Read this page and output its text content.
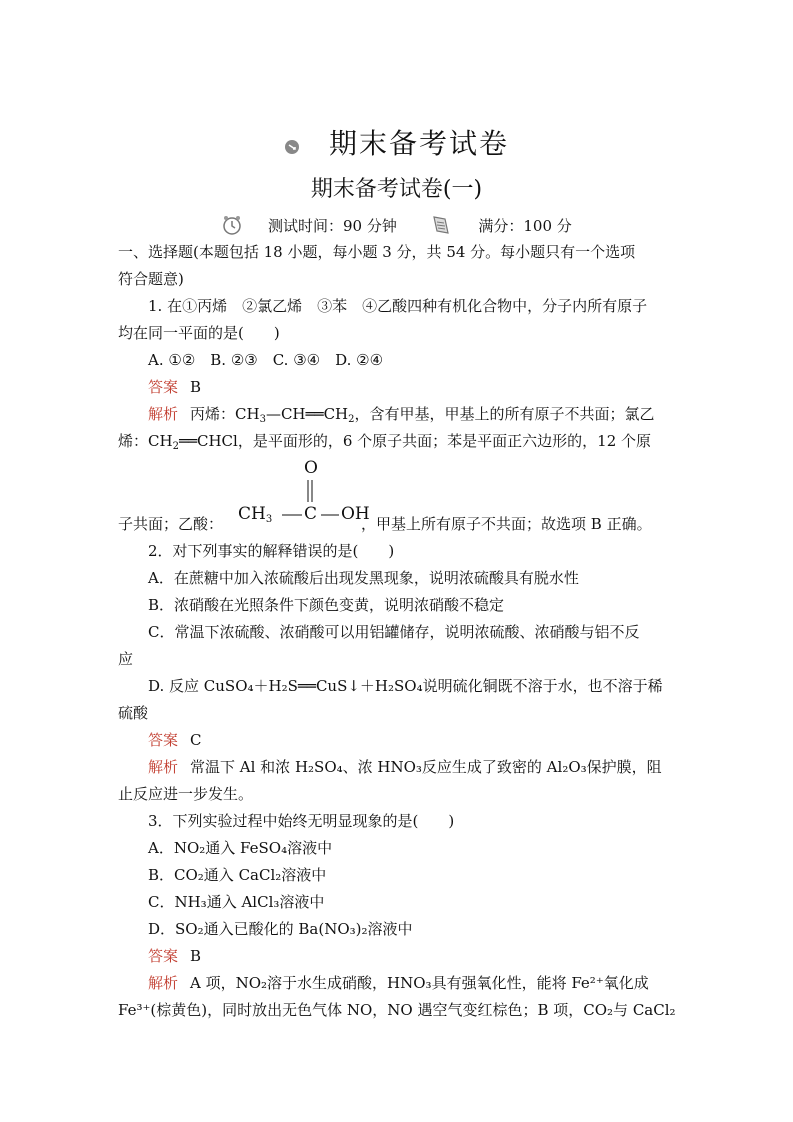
期末备考试卷
期末备考试卷(一)
测试时间：90 分钟	满分：100 分
一、选择题(本题包括 18 小题，每小题 3 分，共 54 分。每小题只有一个选项
符合题意)
1. 在①丙烯　②氯乙烯　③苯　④乙酸四种有机化合物中，分子内所有原子
均在同一平面的是(　　)
A. ①②　B. ②③　C. ③④　D. ②④
答案 B
解析 丙烯：$CH_3—CH══CH_2$，含有甲基，甲基上的所有原子不共面；氯乙
烯：$CH_2══CHCl$，是平面形的，6 个原子共面；苯是平面正六边形的，12 个原
O
$CH_3$ C OH
子共面；乙酸：	，甲基上所有原子不共面；故选项 B 正确。
2．对下列事实的解释错误的是(　　)
A．在蔗糖中加入浓硫酸后出现发黑现象，说明浓硫酸具有脱水性
B．浓硝酸在光照条件下颜色变黄，说明浓硝酸不稳定
C．常温下浓硫酸、浓硝酸可以用铝罐储存，说明浓硫酸、浓硝酸与铝不反
应
D. 反应 CuSO₄＋H₂S══CuS↓＋H₂SO₄说明硫化铜既不溶于水，也不溶于稀
硫酸
答案 C
解析 常温下 Al 和浓 H₂SO₄、浓 HNO₃反应生成了致密的 Al₂O₃保护膜，阻
止反应进一步发生。
3．下列实验过程中始终无明显现象的是(　　)
A．NO₂通入 FeSO₄溶液中
B．CO₂通入 CaCl₂溶液中
C．NH₃通入 AlCl₃溶液中
D．SO₂通入已酸化的 Ba(NO₃)₂溶液中
答案 B
解析 A 项，NO₂溶于水生成硝酸，HNO₃具有强氧化性，能将 Fe²⁺氧化成
Fe³⁺(棕黄色)，同时放出无色气体 NO，NO 遇空气变红棕色；B 项，CO₂与 CaCl₂
